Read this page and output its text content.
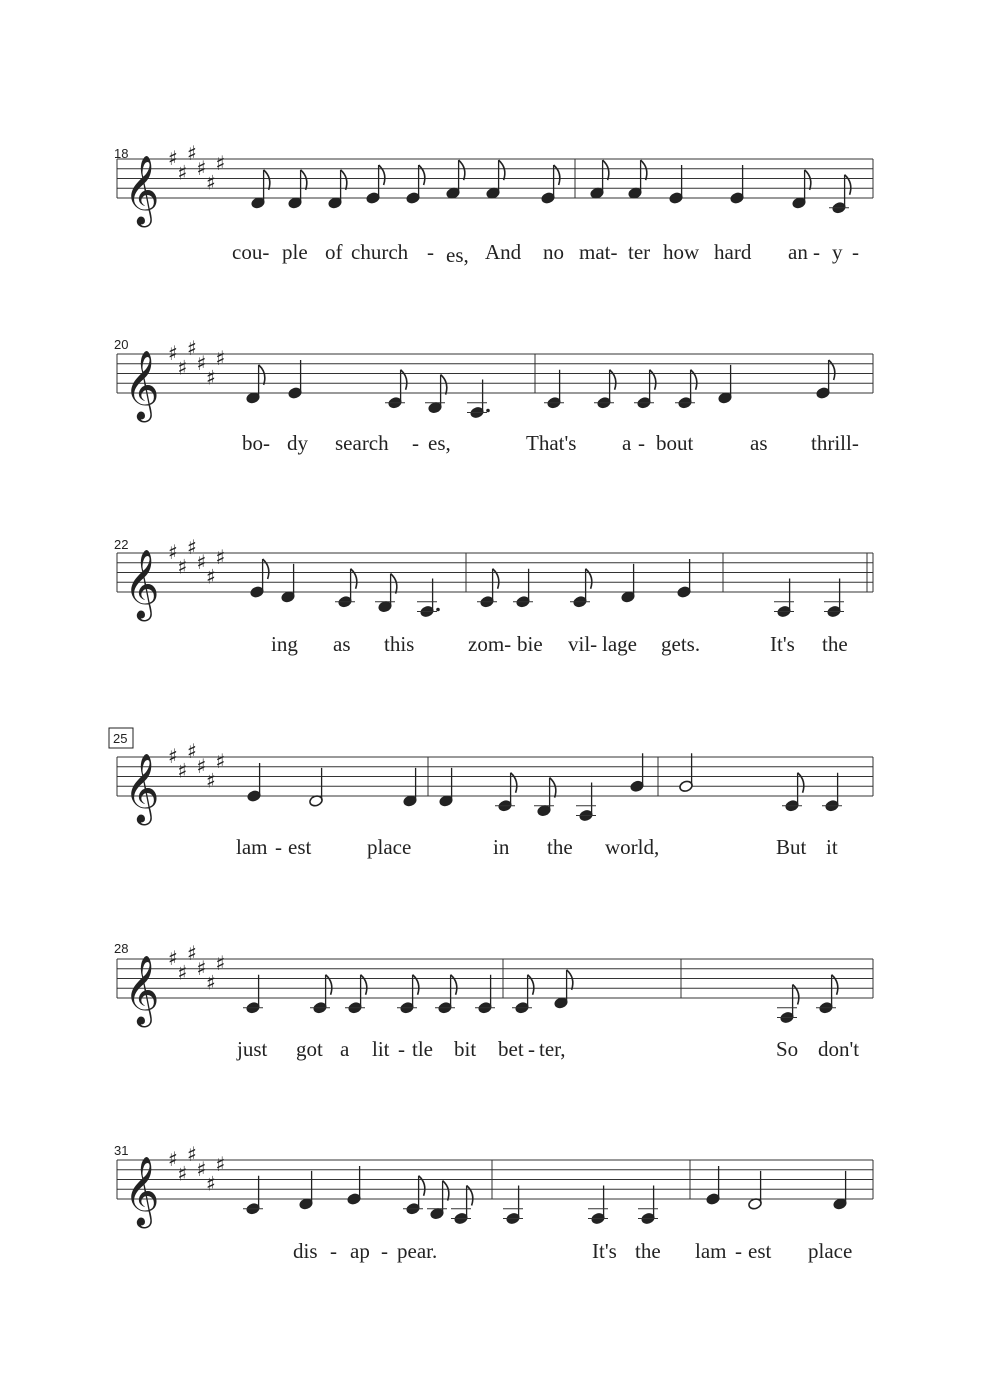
𝄞 ♯
♯
♯
♯
♯
♯
𝄞 ♯
♯
♯
♯
♯
♯
𝄞 ♯
♯
♯
♯
♯
♯
𝄞 ♯
♯
♯
♯
♯
♯
𝄞 ♯
♯
♯
♯
♯
♯
𝄞 ♯
♯
♯
♯
♯
♯
18
cou- ple of church - es, And no mat- ter how hard an - y -
20
bo- dy search - es,	That's a - bout	as thrill-
22
ing as this	zom- bie vil- lage gets.	It's the
25
lam - est	place	in the world,	But it
28
just got a lit - tle bit bet - ter,	So don't
31
dis - ap - pear.	It's the lam - est place
